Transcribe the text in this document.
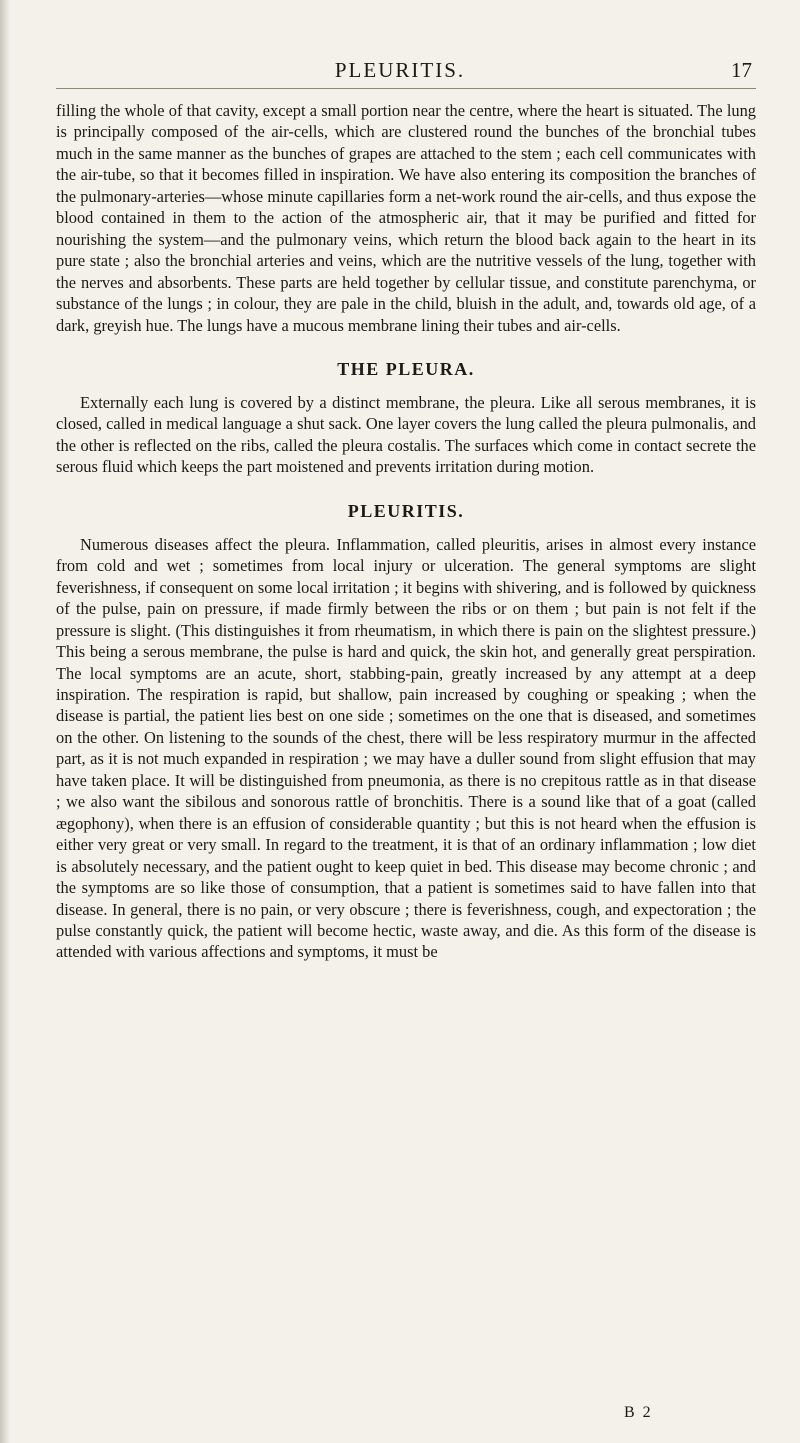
PLEURITIS.	17

filling the whole of that cavity, except a small portion near the centre, where the heart is situated. The lung is principally composed of the air-cells, which are clustered round the bunches of the bronchial tubes much in the same manner as the bunches of grapes are attached to the stem ; each cell communicates with the air-tube, so that it becomes filled in inspiration. We have also entering its composition the branches of the pulmonary-arteries—whose minute capillaries form a net-work round the air-cells, and thus expose the blood contained in them to the action of the atmospheric air, that it may be purified and fitted for nourishing the system—and the pulmonary veins, which return the blood back again to the heart in its pure state ; also the bronchial arteries and veins, which are the nutritive vessels of the lung, together with the nerves and absorbents. These parts are held together by cellular tissue, and constitute parenchyma, or substance of the lungs ; in colour, they are pale in the child, bluish in the adult, and, towards old age, of a dark, greyish hue. The lungs have a mucous membrane lining their tubes and air-cells.

THE PLEURA.

Externally each lung is covered by a distinct membrane, the pleura. Like all serous membranes, it is closed, called in medical language a shut sack. One layer covers the lung called the pleura pulmonalis, and the other is reflected on the ribs, called the pleura costalis. The surfaces which come in contact secrete the serous fluid which keeps the part moistened and prevents irritation during motion.

PLEURITIS.

Numerous diseases affect the pleura. Inflammation, called pleuritis, arises in almost every instance from cold and wet ; sometimes from local injury or ulceration. The general symptoms are slight feverishness, if consequent on some local irritation ; it begins with shivering, and is followed by quickness of the pulse, pain on pressure, if made firmly between the ribs or on them ; but pain is not felt if the pressure is slight. (This distinguishes it from rheumatism, in which there is pain on the slightest pressure.) This being a serous membrane, the pulse is hard and quick, the skin hot, and generally great perspiration. The local symptoms are an acute, short, stabbing-pain, greatly increased by any attempt at a deep inspiration. The respiration is rapid, but shallow, pain increased by coughing or speaking ; when the disease is partial, the patient lies best on one side ; sometimes on the one that is diseased, and sometimes on the other. On listening to the sounds of the chest, there will be less respiratory murmur in the affected part, as it is not much expanded in respiration ; we may have a duller sound from slight effusion that may have taken place. It will be distinguished from pneumonia, as there is no crepitous rattle as in that disease ; we also want the sibilous and sonorous rattle of bronchitis. There is a sound like that of a goat (called ægophony), when there is an effusion of considerable quantity ; but this is not heard when the effusion is either very great or very small. In regard to the treatment, it is that of an ordinary inflammation ; low diet is absolutely necessary, and the patient ought to keep quiet in bed. This disease may become chronic ; and the symptoms are so like those of consumption, that a patient is sometimes said to have fallen into that disease. In general, there is no pain, or very obscure ; there is feverishness, cough, and expectoration ; the pulse constantly quick, the patient will become hectic, waste away, and die. As this form of the disease is attended with various affections and symptoms, it must be

B 2
